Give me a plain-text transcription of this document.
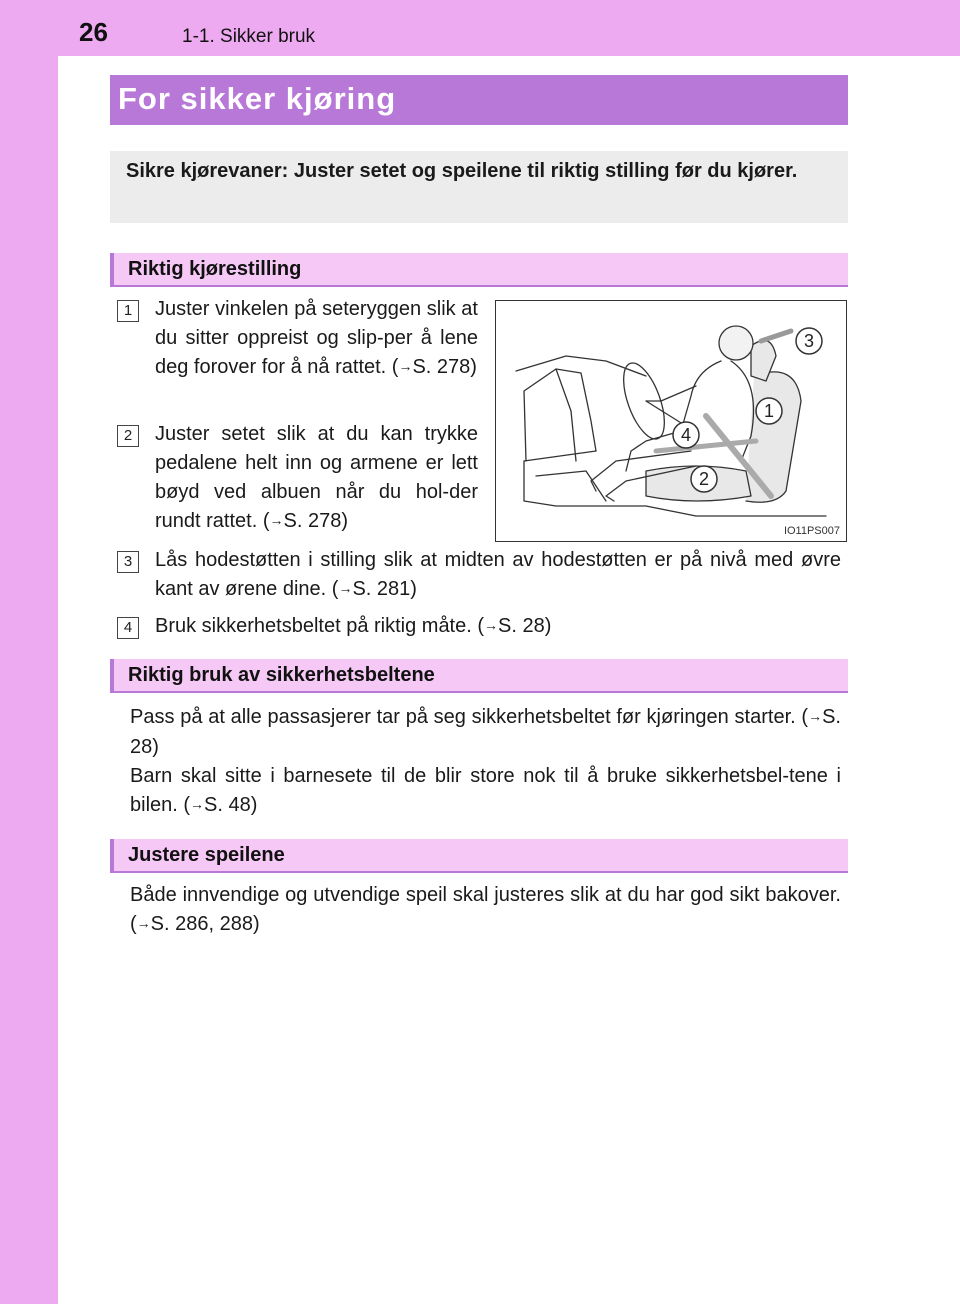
26	1-1. Sikker bruk
For sikker kjøring
Sikre kjørevaner: Juster setet og speilene til riktig stilling før du kjører.
Riktig kjørestilling
1	Juster vinkelen på seteryggen slik at du sitter oppreist og slip-per å lene deg forover for å nå rattet. (→S. 278)
2	Juster setet slik at du kan trykke pedalene helt inn og armene er lett bøyd ved albuen når du hol-der rundt rattet. (→S. 278)
3
1
4
2
IO11PS007
3	Lås hodestøtten i stilling slik at midten av hodestøtten er på nivå med øvre kant av ørene dine. (→S. 281)
4	Bruk sikkerhetsbeltet på riktig måte. (→S. 28)
Riktig bruk av sikkerhetsbeltene
Pass på at alle passasjerer tar på seg sikkerhetsbeltet før kjøringen starter. (→S. 28)
Barn skal sitte i barnesete til de blir store nok til å bruke sikkerhetsbel-tene i bilen. (→S. 48)
Justere speilene
Både innvendige og utvendige speil skal justeres slik at du har god sikt bakover. (→S. 286, 288)
